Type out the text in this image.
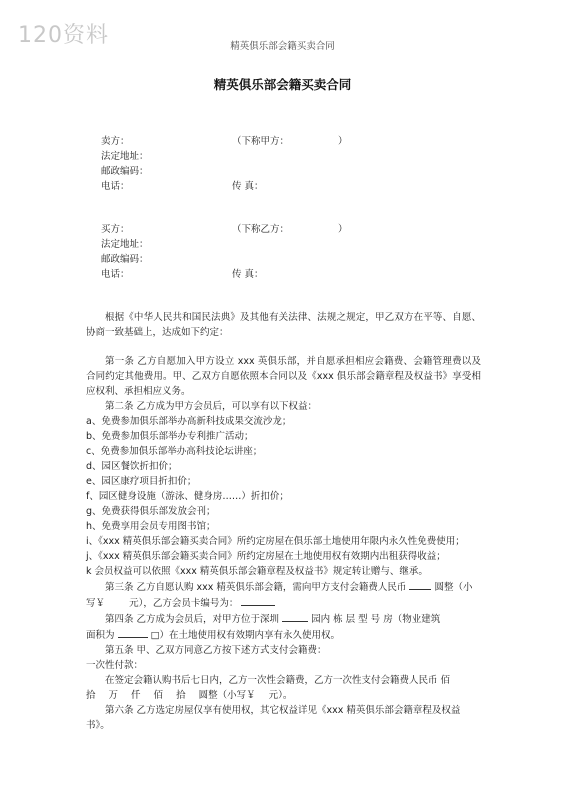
120资料	精英俱乐部会籍买卖合同
精英俱乐部会籍买卖合同
卖方：	（下称甲方：	）
法定地址：
邮政编码：
电话：	传 真：
买方：	（下称乙方：	）
法定地址：
邮政编码：
电话：	传 真：

根据《中华人民共和国民法典》及其他有关法律、法规之规定，甲乙双方在平等、自愿、协商一致基础上，达成如下约定：

第一条 乙方自愿加入甲方设立 xxx 英俱乐部，并自愿承担相应会籍费、会籍管理费以及合同约定其他费用。甲、乙双方自愿依照本合同以及《xxx 俱乐部会籍章程及权益书》享受相应权利、承担相应义务。

第二条 乙方成为甲方会员后，可以享有以下权益：

a、免费参加俱乐部举办高新科技成果交流沙龙；

b、免费参加俱乐部举办专利推广活动；

c、免费参加俱乐部举办高科技论坛讲座；

d、园区餐饮折扣价；

e、园区康疗项目折扣价；

f、园区健身设施（游泳、健身房……）折扣价；

g、免费获得俱乐部发放会刊；

h、免费享用会员专用图书馆；

i、《xxx 精英俱乐部会籍买卖合同》所约定房屋在俱乐部土地使用年限内永久性免费使用；

j、《xxx 精英俱乐部会籍买卖合同》所约定房屋在土地使用权有效期内出租获得收益；

k 会员权益可以依照《xxx 精英俱乐部会籍章程及权益书》规定转让赠与、继承。

第三条 乙方自愿认购 xxx 精英俱乐部会籍，需向甲方支付会籍费人民币	圆整（小

写￥	元），乙方会员卡编号为：

第四条 乙方成为会员后，对甲方位于深圳	园内 栋 层 型 号 房（物业建筑

面积为	□）在土地使用权有效期内享有永久使用权。

第五条 甲、乙双方同意乙方按下述方式支付会籍费：

一次性付款：

在签定会籍认购书后七日内，乙方一次性会籍费，乙方一次性支付会籍费人民币 佰

拾 万 仟 佰 拾 圆整（小写￥ 元）。

第六条 乙方选定房屋仅享有使用权，其它权益详见《xxx 精英俱乐部会籍章程及权益书》。
